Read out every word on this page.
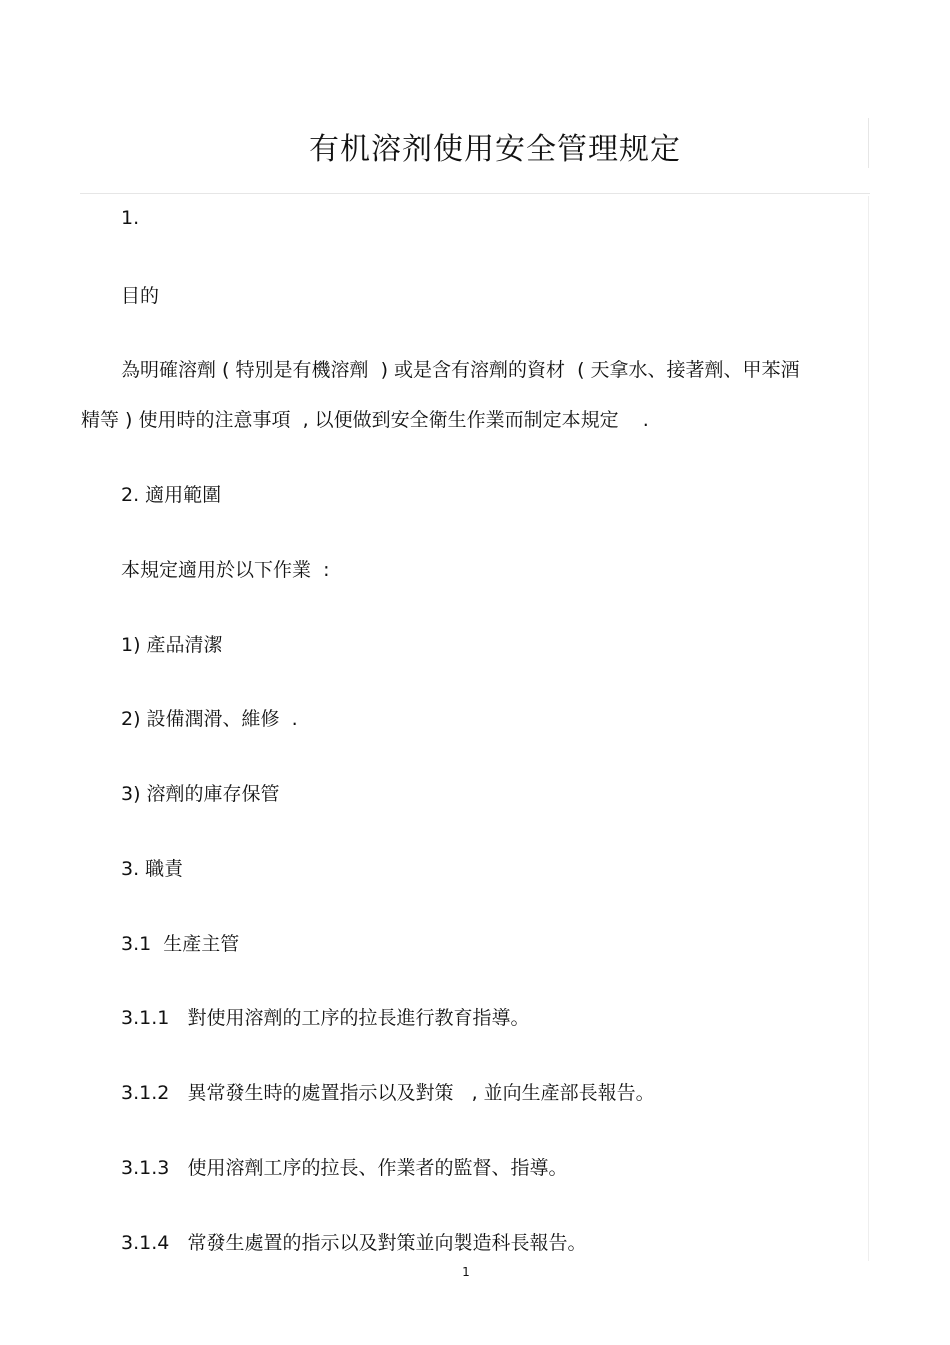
有机溶剂使用安全管理规定
1.
目的
為明確溶劑 ( 特別是有機溶劑  ) 或是含有溶劑的資材  ( 天拿水、接著劑、甲苯酒
精等 ) 使用時的注意事項  , 以便做到安全衛生作業而制定本規定    .
2. 適用範圍
本規定適用於以下作業  :
1) 產品清潔
2) 設備潤滑、維修  .
3) 溶劑的庫存保管
3. 職責
3.1  生產主管
3.1.1   對使用溶劑的工序的拉長進行教育指導。
3.1.2   異常發生時的處置指示以及對策   , 並向生產部長報告。
3.1.3   使用溶劑工序的拉長、作業者的監督、指導。
3.1.4   常發生處置的指示以及對策並向製造科長報告。
1
